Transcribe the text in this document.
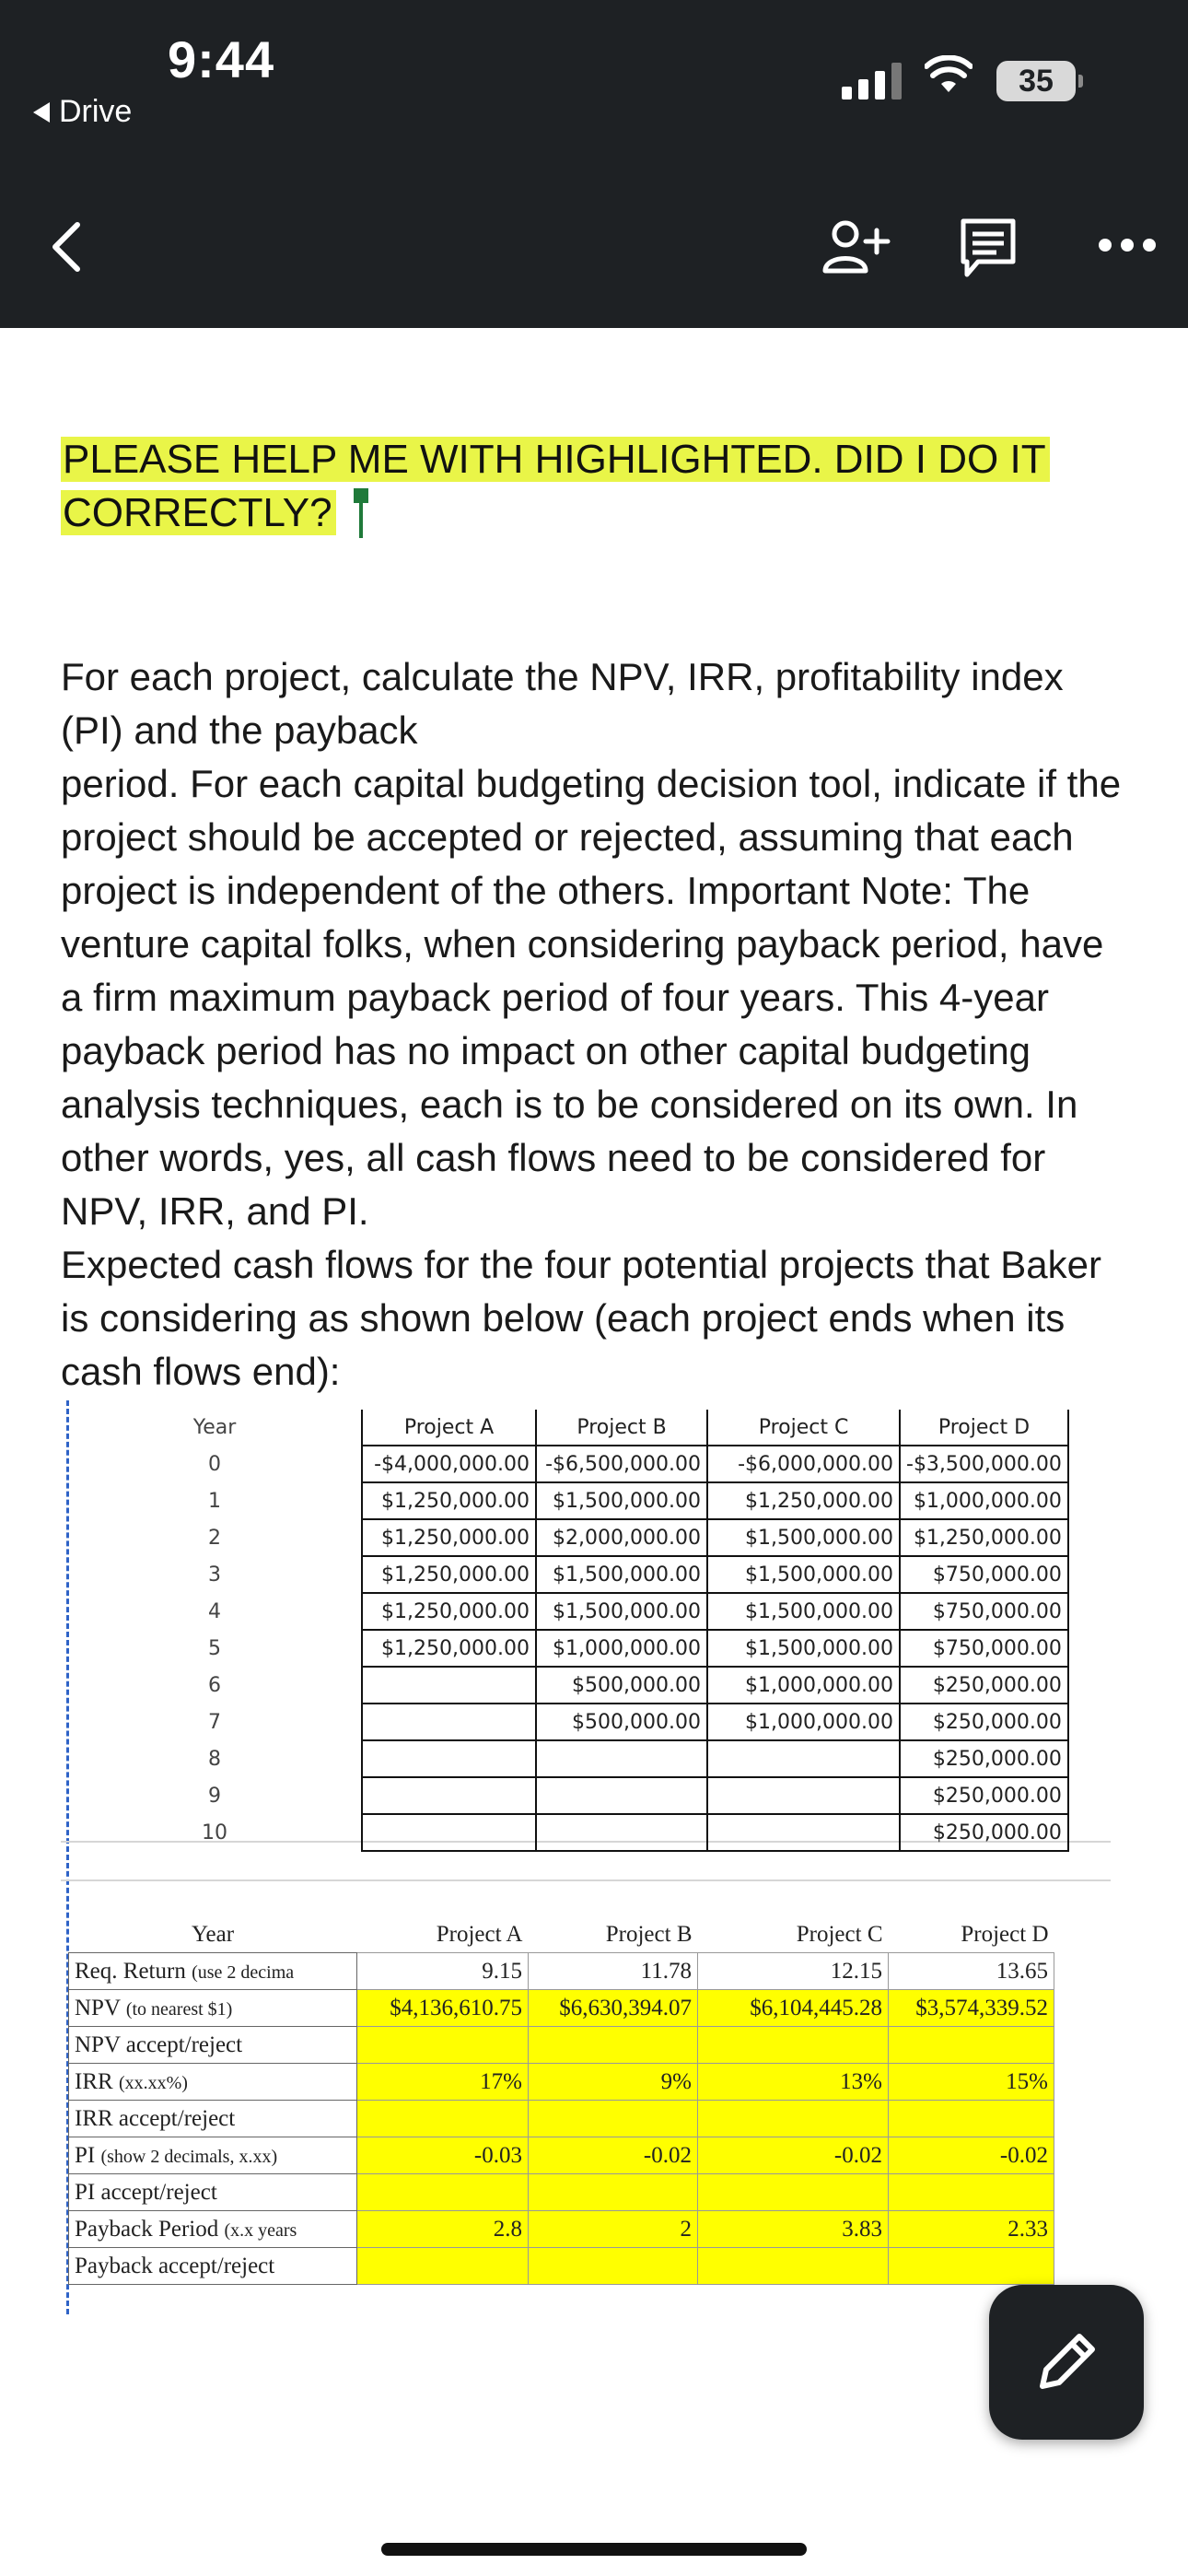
9:44
Drive
35
PLEASE HELP ME WITH HIGHLIGHTED. DID I DO IT CORRECTLY?

For each project, calculate the NPV, IRR, profitability index (PI) and the payback

period. For each capital budgeting decision tool, indicate if the project should be accepted or rejected, assuming that each project is independent of the others. Important Note: The venture capital folks, when considering payback period, have a firm maximum payback period of four years. This 4-year payback period has no impact on other capital budgeting analysis techniques, each is to be considered on its own. In other words, yes, all cash flows need to be considered for NPV, IRR, and PI.

Expected cash flows for the four potential projects that Baker is considering as shown below (each project ends when its cash flows end):

Year	Project A	Project B	Project C	Project D
0	-$4,000,000.00	-$6,500,000.00	-$6,000,000.00	-$3,500,000.00
1	$1,250,000.00	$1,500,000.00	$1,250,000.00	$1,000,000.00
2	$1,250,000.00	$2,000,000.00	$1,500,000.00	$1,250,000.00
3	$1,250,000.00	$1,500,000.00	$1,500,000.00	$750,000.00
4	$1,250,000.00	$1,500,000.00	$1,500,000.00	$750,000.00
5	$1,250,000.00	$1,000,000.00	$1,500,000.00	$750,000.00
6		$500,000.00	$1,000,000.00	$250,000.00
7		$500,000.00	$1,000,000.00	$250,000.00
8				$250,000.00
9				$250,000.00
10				$250,000.00
Year	Project A	Project B	Project C	Project D
Req. Return (use 2 decima	9.15	11.78	12.15	13.65
NPV (to nearest $1)	$4,136,610.75	$6,630,394.07	$6,104,445.28	$3,574,339.52
NPV accept/reject				
IRR (xx.xx%)	17%	9%	13%	15%
IRR accept/reject				
PI (show 2 decimals, x.xx)	-0.03	-0.02	-0.02	-0.02
PI accept/reject				
Payback Period (x.x years	2.8	2	3.83	2.33
Payback accept/reject				
